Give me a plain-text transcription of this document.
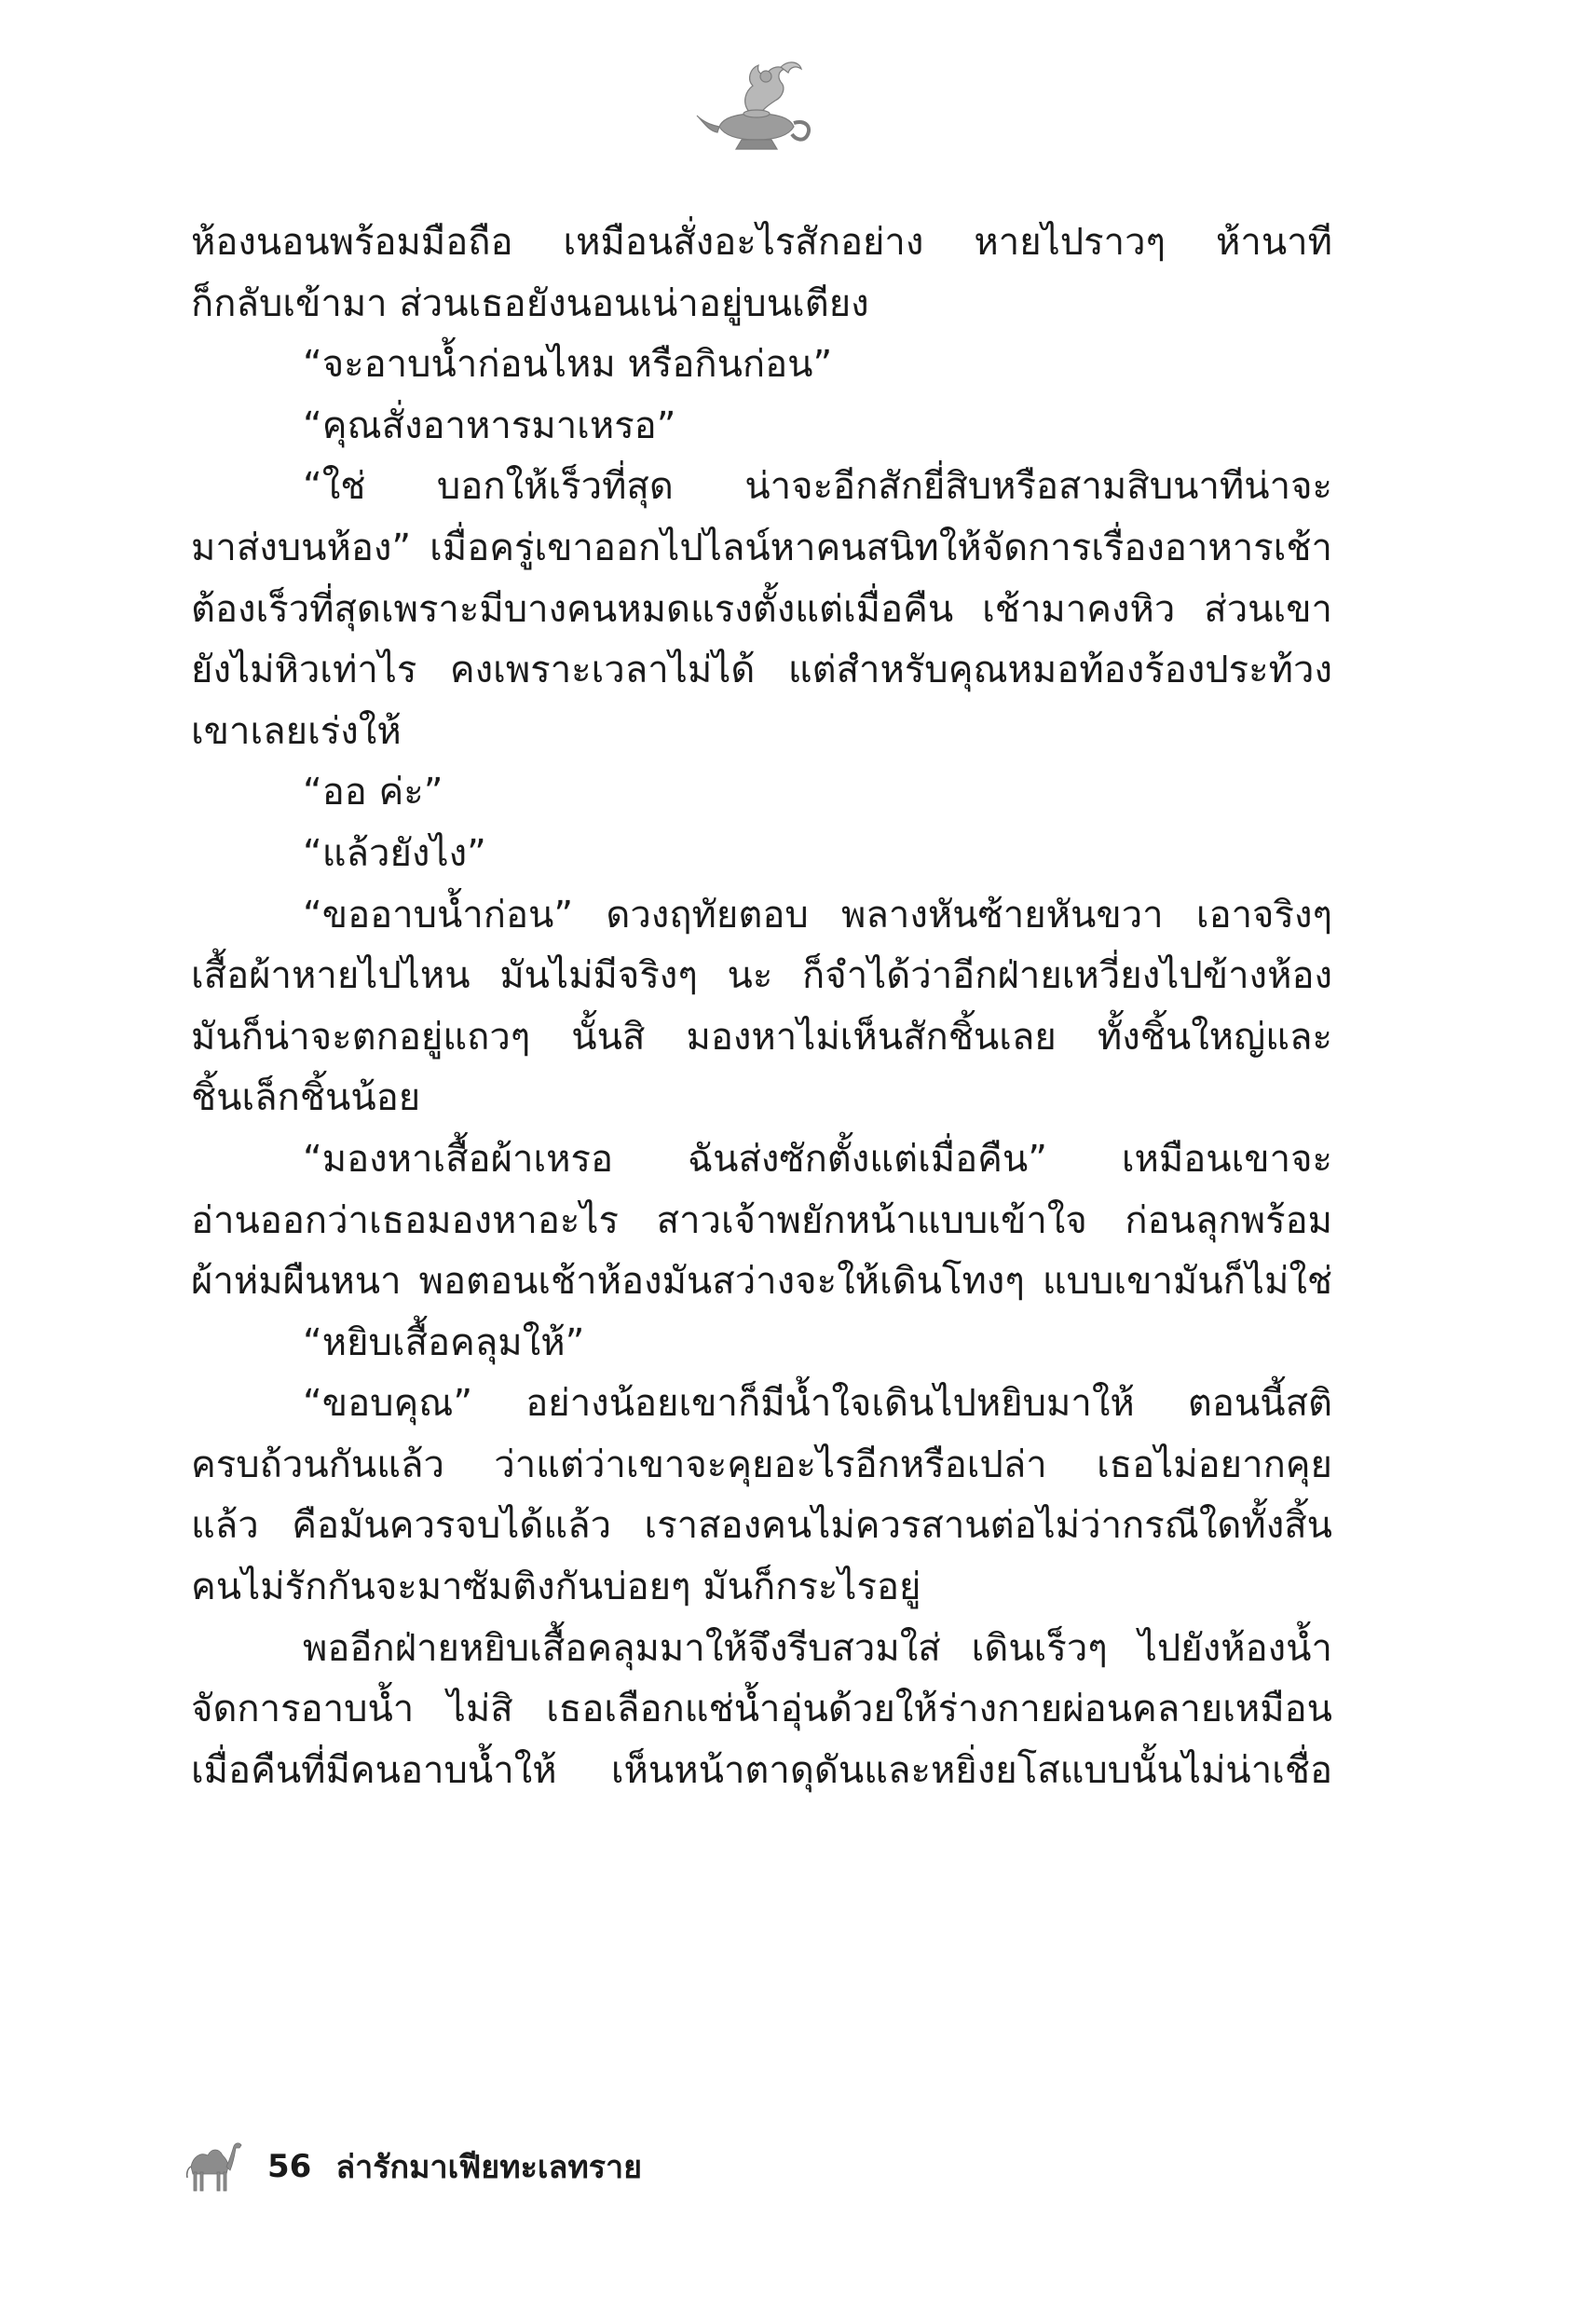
ห้องนอนพร้อมมือถือ เหมือนสั่งอะไรสักอย่าง หายไปราวๆ ห้านาที
ก็กลับเข้ามา ส่วนเธอยังนอนเน่าอยู่บนเตียง
“จะอาบน้ำก่อนไหม หรือกินก่อน”
“คุณสั่งอาหารมาเหรอ”
“ใช่ บอกให้เร็วที่สุด น่าจะอีกสักยี่สิบหรือสามสิบนาทีน่าจะ
มาส่งบนห้อง” เมื่อครู่เขาออกไปไลน์หาคนสนิทให้จัดการเรื่องอาหารเช้า
ต้องเร็วที่สุดเพราะมีบางคนหมดแรงตั้งแต่เมื่อคืน เช้ามาคงหิว ส่วนเขา
ยังไม่หิวเท่าไร คงเพราะเวลาไม่ได้ แต่สำหรับคุณหมอท้องร้องประท้วง
เขาเลยเร่งให้
“ออ ค่ะ”
“แล้วยังไง”
“ขออาบน้ำก่อน” ดวงฤทัยตอบ พลางหันซ้ายหันขวา เอาจริงๆ
เสื้อผ้าหายไปไหน มันไม่มีจริงๆ นะ ก็จำได้ว่าอีกฝ่ายเหวี่ยงไปข้างห้อง
มันก็น่าจะตกอยู่แถวๆ นั้นสิ มองหาไม่เห็นสักชิ้นเลย ทั้งชิ้นใหญ่และ
ชิ้นเล็กชิ้นน้อย
“มองหาเสื้อผ้าเหรอ ฉันส่งซักตั้งแต่เมื่อคืน” เหมือนเขาจะ
อ่านออกว่าเธอมองหาอะไร สาวเจ้าพยักหน้าแบบเข้าใจ ก่อนลุกพร้อม
ผ้าห่มผืนหนา พอตอนเช้าห้องมันสว่างจะให้เดินโทงๆ แบบเขามันก็ไม่ใช่
“หยิบเสื้อคลุมให้”
“ขอบคุณ” อย่างน้อยเขาก็มีน้ำใจเดินไปหยิบมาให้ ตอนนี้สติ
ครบถ้วนกันแล้ว ว่าแต่ว่าเขาจะคุยอะไรอีกหรือเปล่า เธอไม่อยากคุย
แล้ว คือมันควรจบได้แล้ว เราสองคนไม่ควรสานต่อไม่ว่ากรณีใดทั้งสิ้น
คนไม่รักกันจะมาซัมติงกันบ่อยๆ มันก็กระไรอยู่
พออีกฝ่ายหยิบเสื้อคลุมมาให้จึงรีบสวมใส่ เดินเร็วๆ ไปยังห้องน้ำ
จัดการอาบน้ำ ไม่สิ เธอเลือกแช่น้ำอุ่นด้วยให้ร่างกายผ่อนคลายเหมือน
เมื่อคืนที่มีคนอาบน้ำให้ เห็นหน้าตาดุดันและหยิ่งยโสแบบนั้นไม่น่าเชื่อ
56 ล่ารักมาเฟียทะเลทราย
